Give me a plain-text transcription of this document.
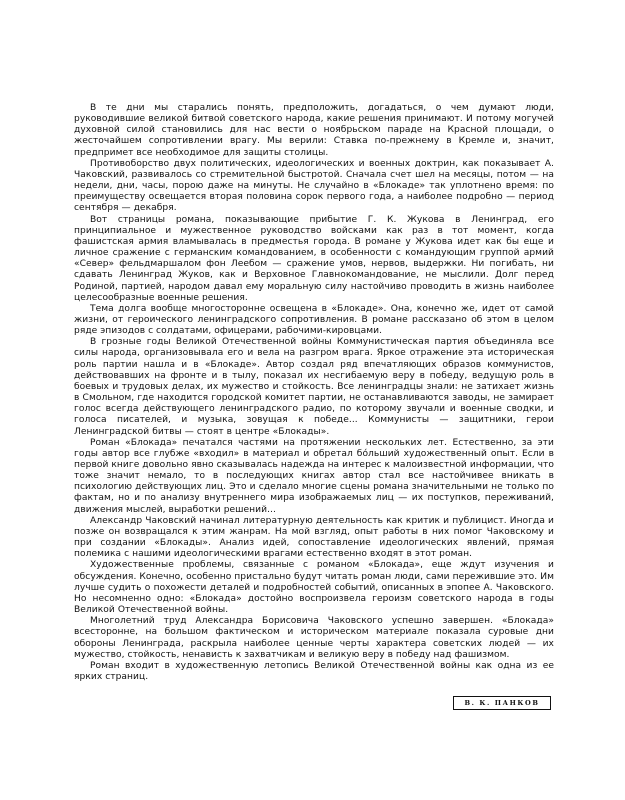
В те дни мы старались понять, предположить, догадаться, о чем думают люди, руководившие великой битвой советского народа, какие решения принимают. И потому могучей духовной силой становились для нас вести о ноябрьском параде на Красной площади, о жесточайшем сопротивлении врагу. Мы верили: Ставка по-прежнему в Кремле и, значит, предпримет все необходимое для защиты столицы.

Противоборство двух политических, идеологических и военных доктрин, как показывает А. Чаковский, развивалось со стремительной быстротой. Сначала счет шел на месяцы, потом — на недели, дни, часы, порою даже на минуты. Не случайно в «Блокаде» так уплотнено время: по преимуществу освещается вторая половина сорок первого года, а наиболее подробно — период сентября — декабря.

Вот страницы романа, показывающие прибытие Г. К. Жукова в Ленинград, его принципиальное и мужественное руководство войсками как раз в тот момент, когда фашистская армия вламывалась в предместья города. В романе у Жукова идет как бы еще и личное сражение с германским командованием, в особенности с командующим группой армий «Север» фельдмаршалом фон Леебом — сражение умов, нервов, выдержки. Ни погибать, ни сдавать Ленинград Жуков, как и Верховное Главнокомандование, не мыслили. Долг перед Родиной, партией, народом давал ему моральную силу настойчиво проводить в жизнь наиболее целесообразные военные решения.

Тема долга вообще многосторонне освещена в «Блокаде». Она, конечно же, идет от самой жизни, от героического ленинградского сопротивления. В романе рассказано об этом в целом ряде эпизодов с солдатами, офицерами, рабочими-кировцами.

В грозные годы Великой Отечественной войны Коммунистическая партия объединяла все силы народа, организовывала его и вела на разгром врага. Яркое отражение эта историческая роль партии нашла и в «Блокаде». Автор создал ряд впечатляющих образов коммунистов, действовавших на фронте и в тылу, показал их несгибаемую веру в победу, ведущую роль в боевых и трудовых делах, их мужество и стойкость. Все ленинградцы знали: не затихает жизнь в Смольном, где находится городской комитет партии, не останавливаются заводы, не замирает голос всегда действующего ленинградского радио, по которому звучали и военные сводки, и голоса писателей, и музыка, зовущая к победе... Коммунисты — защитники, герои Ленинградской битвы — стоят в центре «Блокады».

Роман «Блокада» печатался частями на протяжении нескольких лет. Естественно, за эти годы автор все глубже «входил» в материал и обретал бо́льший художественный опыт. Если в первой книге довольно явно сказывалась надежда на интерес к малоизвестной информации, что тоже значит немало, то в последующих книгах автор стал все настойчивее вникать в психологию действующих лиц. Это и сделало многие сцены романа значительными не только по фактам, но и по анализу внутреннего мира изображаемых лиц — их поступков, переживаний, движения мыслей, выработки решений...

Александр Чаковский начинал литературную деятельность как критик и публицист. Иногда и позже он возвращался к этим жанрам. На мой взгляд, опыт работы в них помог Чаковскому и при создании «Блокады». Анализ идей, сопоставление идеологических явлений, прямая полемика с нашими идеологическими врагами естественно входят в этот роман.

Художественные проблемы, связанные с романом «Блокада», еще ждут изучения и обсуждения. Конечно, особенно пристально будут читать роман люди, сами пережившие это. Им лучше судить о похожести деталей и подробностей событий, описанных в эпопее А. Чаковского. Но несомненно одно: «Блокада» достойно воспроизвела героизм советского народа в годы Великой Отечественной войны.

Многолетний труд Александра Борисовича Чаковского успешно завершен. «Блокада» всесторонне, на большом фактическом и историческом материале показала суровые дни обороны Ленинграда, раскрыла наиболее ценные черты характера советских людей — их мужество, стойкость, ненависть к захватчикам и великую веру в победу над фашизмом.

Роман входит в художественную летопись Великой Отечественной войны как одна из ее ярких страниц.

В. К. ПАНКОВ
